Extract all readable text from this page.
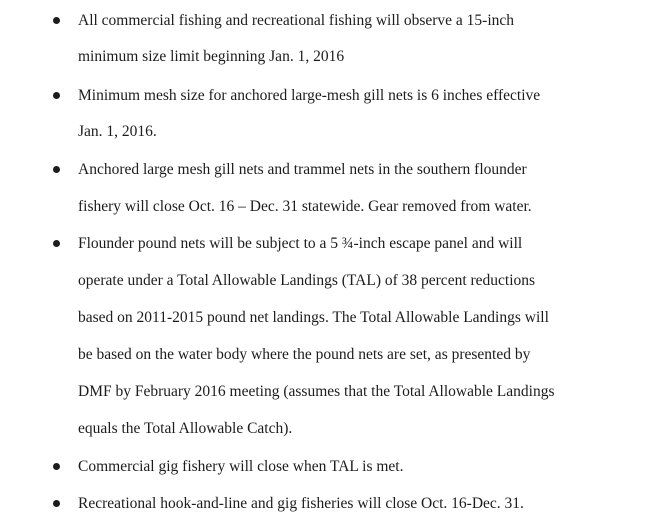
All commercial fishing and recreational fishing will observe a 15-inch
minimum size limit beginning Jan. 1, 2016
Minimum mesh size for anchored large-mesh gill nets is 6 inches effective
Jan. 1, 2016.
Anchored large mesh gill nets and trammel nets in the southern flounder
fishery will close Oct. 16 – Dec. 31 statewide. Gear removed from water.
Flounder pound nets will be subject to a 5 ¾-inch escape panel and will
operate under a Total Allowable Landings (TAL) of 38 percent reductions
based on 2011-2015 pound net landings. The Total Allowable Landings will
be based on the water body where the pound nets are set, as presented by
DMF by February 2016 meeting (assumes that the Total Allowable Landings
equals the Total Allowable Catch).
Commercial gig fishery will close when TAL is met.
Recreational hook-and-line and gig fisheries will close Oct. 16-Dec. 31.
